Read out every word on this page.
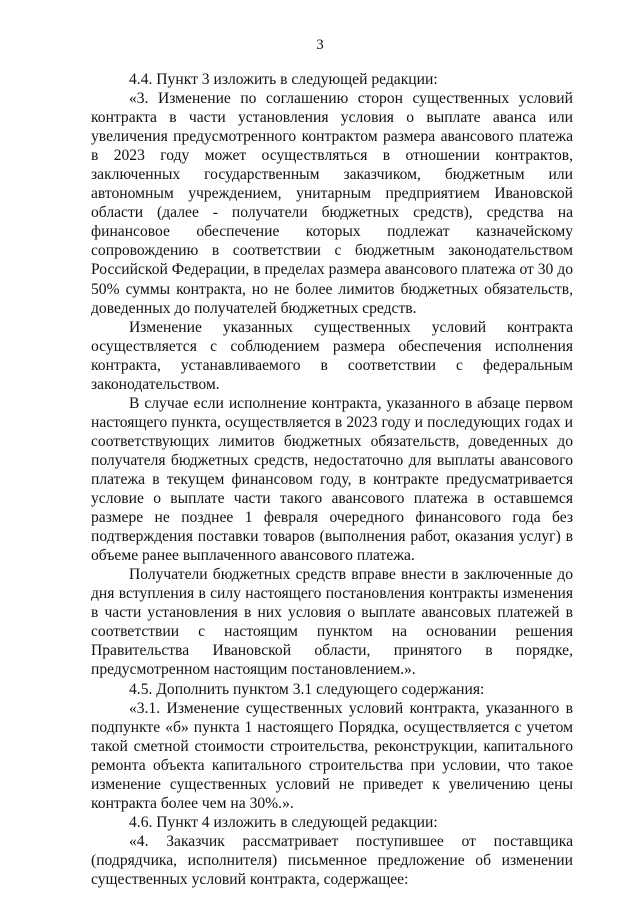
3

4.4. Пункт 3 изложить в следующей редакции:

«3. Изменение по соглашению сторон существенных условий контракта в части установления условия о выплате аванса или увеличения предусмотренного контрактом размера авансового платежа в 2023 году может осуществляться в отношении контрактов, заключенных государственным заказчиком, бюджетным или автономным учреждением, унитарным предприятием Ивановской области (далее - получатели бюджетных средств), средства на финансовое обеспечение которых подлежат казначейскому сопровождению в соответствии с бюджетным законодательством Российской Федерации, в пределах размера авансового платежа от 30 до 50% суммы контракта, но не более лимитов бюджетных обязательств, доведенных до получателей бюджетных средств.

Изменение указанных существенных условий контракта осуществляется с соблюдением размера обеспечения исполнения контракта, устанавливаемого в соответствии с федеральным законодательством.

В случае если исполнение контракта, указанного в абзаце первом настоящего пункта, осуществляется в 2023 году и последующих годах и соответствующих лимитов бюджетных обязательств, доведенных до получателя бюджетных средств, недостаточно для выплаты авансового платежа в текущем финансовом году, в контракте предусматривается условие о выплате части такого авансового платежа в оставшемся размере не позднее 1 февраля очередного финансового года без подтверждения поставки товаров (выполнения работ, оказания услуг) в объеме ранее выплаченного авансового платежа.

Получатели бюджетных средств вправе внести в заключенные до дня вступления в силу настоящего постановления контракты изменения в части установления в них условия о выплате авансовых платежей в соответствии с настоящим пунктом на основании решения Правительства Ивановской области, принятого в порядке, предусмотренном настоящим постановлением.».

4.5. Дополнить пунктом 3.1 следующего содержания:

«3.1. Изменение существенных условий контракта, указанного в подпункте «б» пункта 1 настоящего Порядка, осуществляется с учетом такой сметной стоимости строительства, реконструкции, капитального ремонта объекта капитального строительства при условии, что такое изменение существенных условий не приведет к увеличению цены контракта более чем на 30%.».

4.6. Пункт 4 изложить в следующей редакции:

«4. Заказчик рассматривает поступившее от поставщика (подрядчика, исполнителя) письменное предложение об изменении существенных условий контракта, содержащее:
